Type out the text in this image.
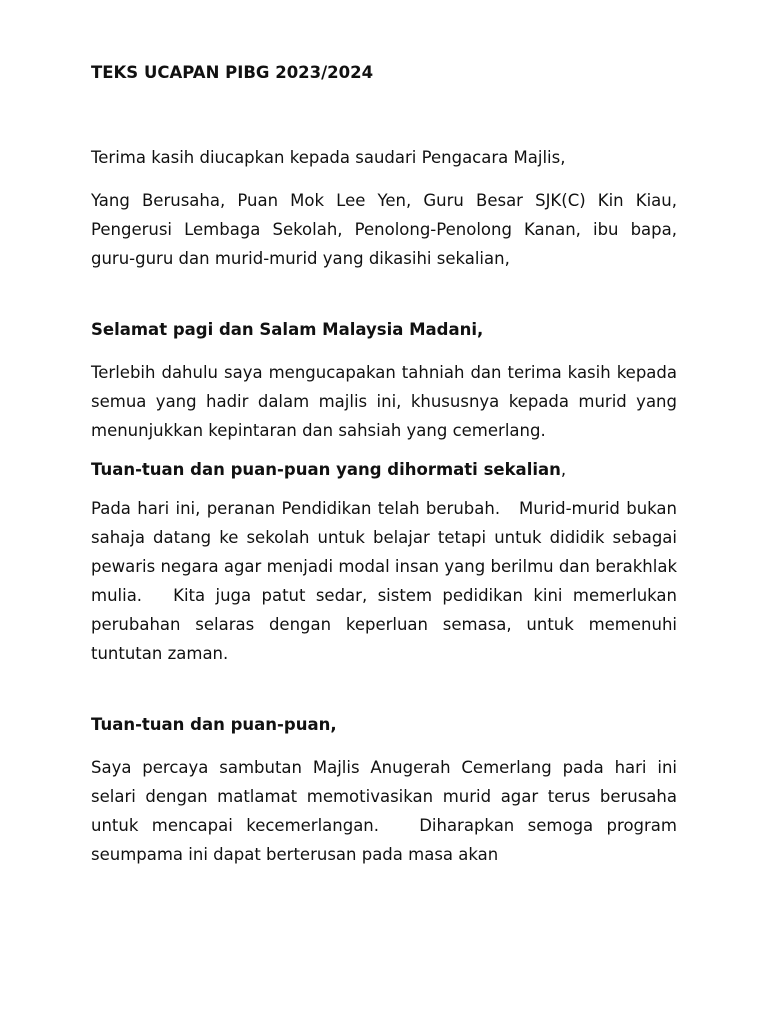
TEKS UCAPAN PIBG 2023/2024

Terima kasih diucapkan kepada saudari Pengacara Majlis,

Yang Berusaha, Puan Mok Lee Yen, Guru Besar SJK(C) Kin Kiau, Pengerusi Lembaga Sekolah, Penolong-Penolong Kanan, ibu bapa, guru-guru dan murid-murid yang dikasihi sekalian,

Selamat pagi dan Salam Malaysia Madani,

Terlebih dahulu saya mengucapakan tahniah dan terima kasih kepada semua yang hadir dalam majlis ini, khususnya kepada murid yang menunjukkan kepintaran dan sahsiah yang cemerlang.

Tuan-tuan dan puan-puan yang dihormati sekalian,

Pada hari ini, peranan Pendidikan telah berubah.   Murid-murid bukan sahaja datang ke sekolah untuk belajar tetapi untuk dididik sebagai pewaris negara agar menjadi modal insan yang berilmu dan berakhlak mulia.   Kita juga patut sedar, sistem pedidikan kini memerlukan perubahan selaras dengan keperluan semasa, untuk memenuhi tuntutan zaman.

Tuan-tuan dan puan-puan,

Saya percaya sambutan Majlis Anugerah Cemerlang pada hari ini selari dengan matlamat memotivasikan murid agar terus berusaha untuk mencapai kecemerlangan.   Diharapkan semoga program seumpama ini dapat berterusan pada masa akan
